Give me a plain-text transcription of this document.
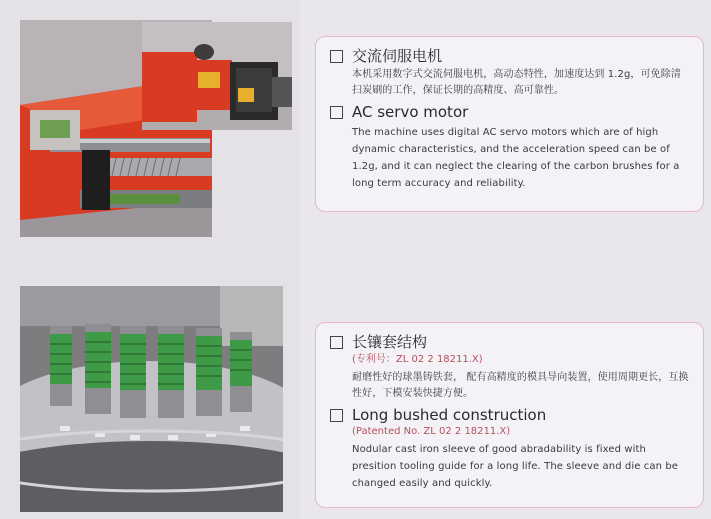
交流伺服电机

本机采用数字式交流伺服电机，高动态特性，加速度达到 1.2g，可免除清扫炭刷的工作，保证长期的高精度、高可靠性。

AC servo motor

The machine uses digital AC servo motors which are of high dynamic characteristics, and the acceleration speed can be of 1.2g, and it can neglect the clearing of the carbon brushes for a long term accuracy and reliability.

长镶套结构

(专利号：ZL 02 2 18211.X)

耐磨性好的球墨铸铁套， 配有高精度的模具导向装置，使用周期更长，互换性好，下模安装快捷方便。

Long bushed construction

(Patented No. ZL 02 2 18211.X)

Nodular cast iron sleeve of good abradability is fixed with presition tooling guide for a long life. The sleeve and die can be changed easily and quickly.
